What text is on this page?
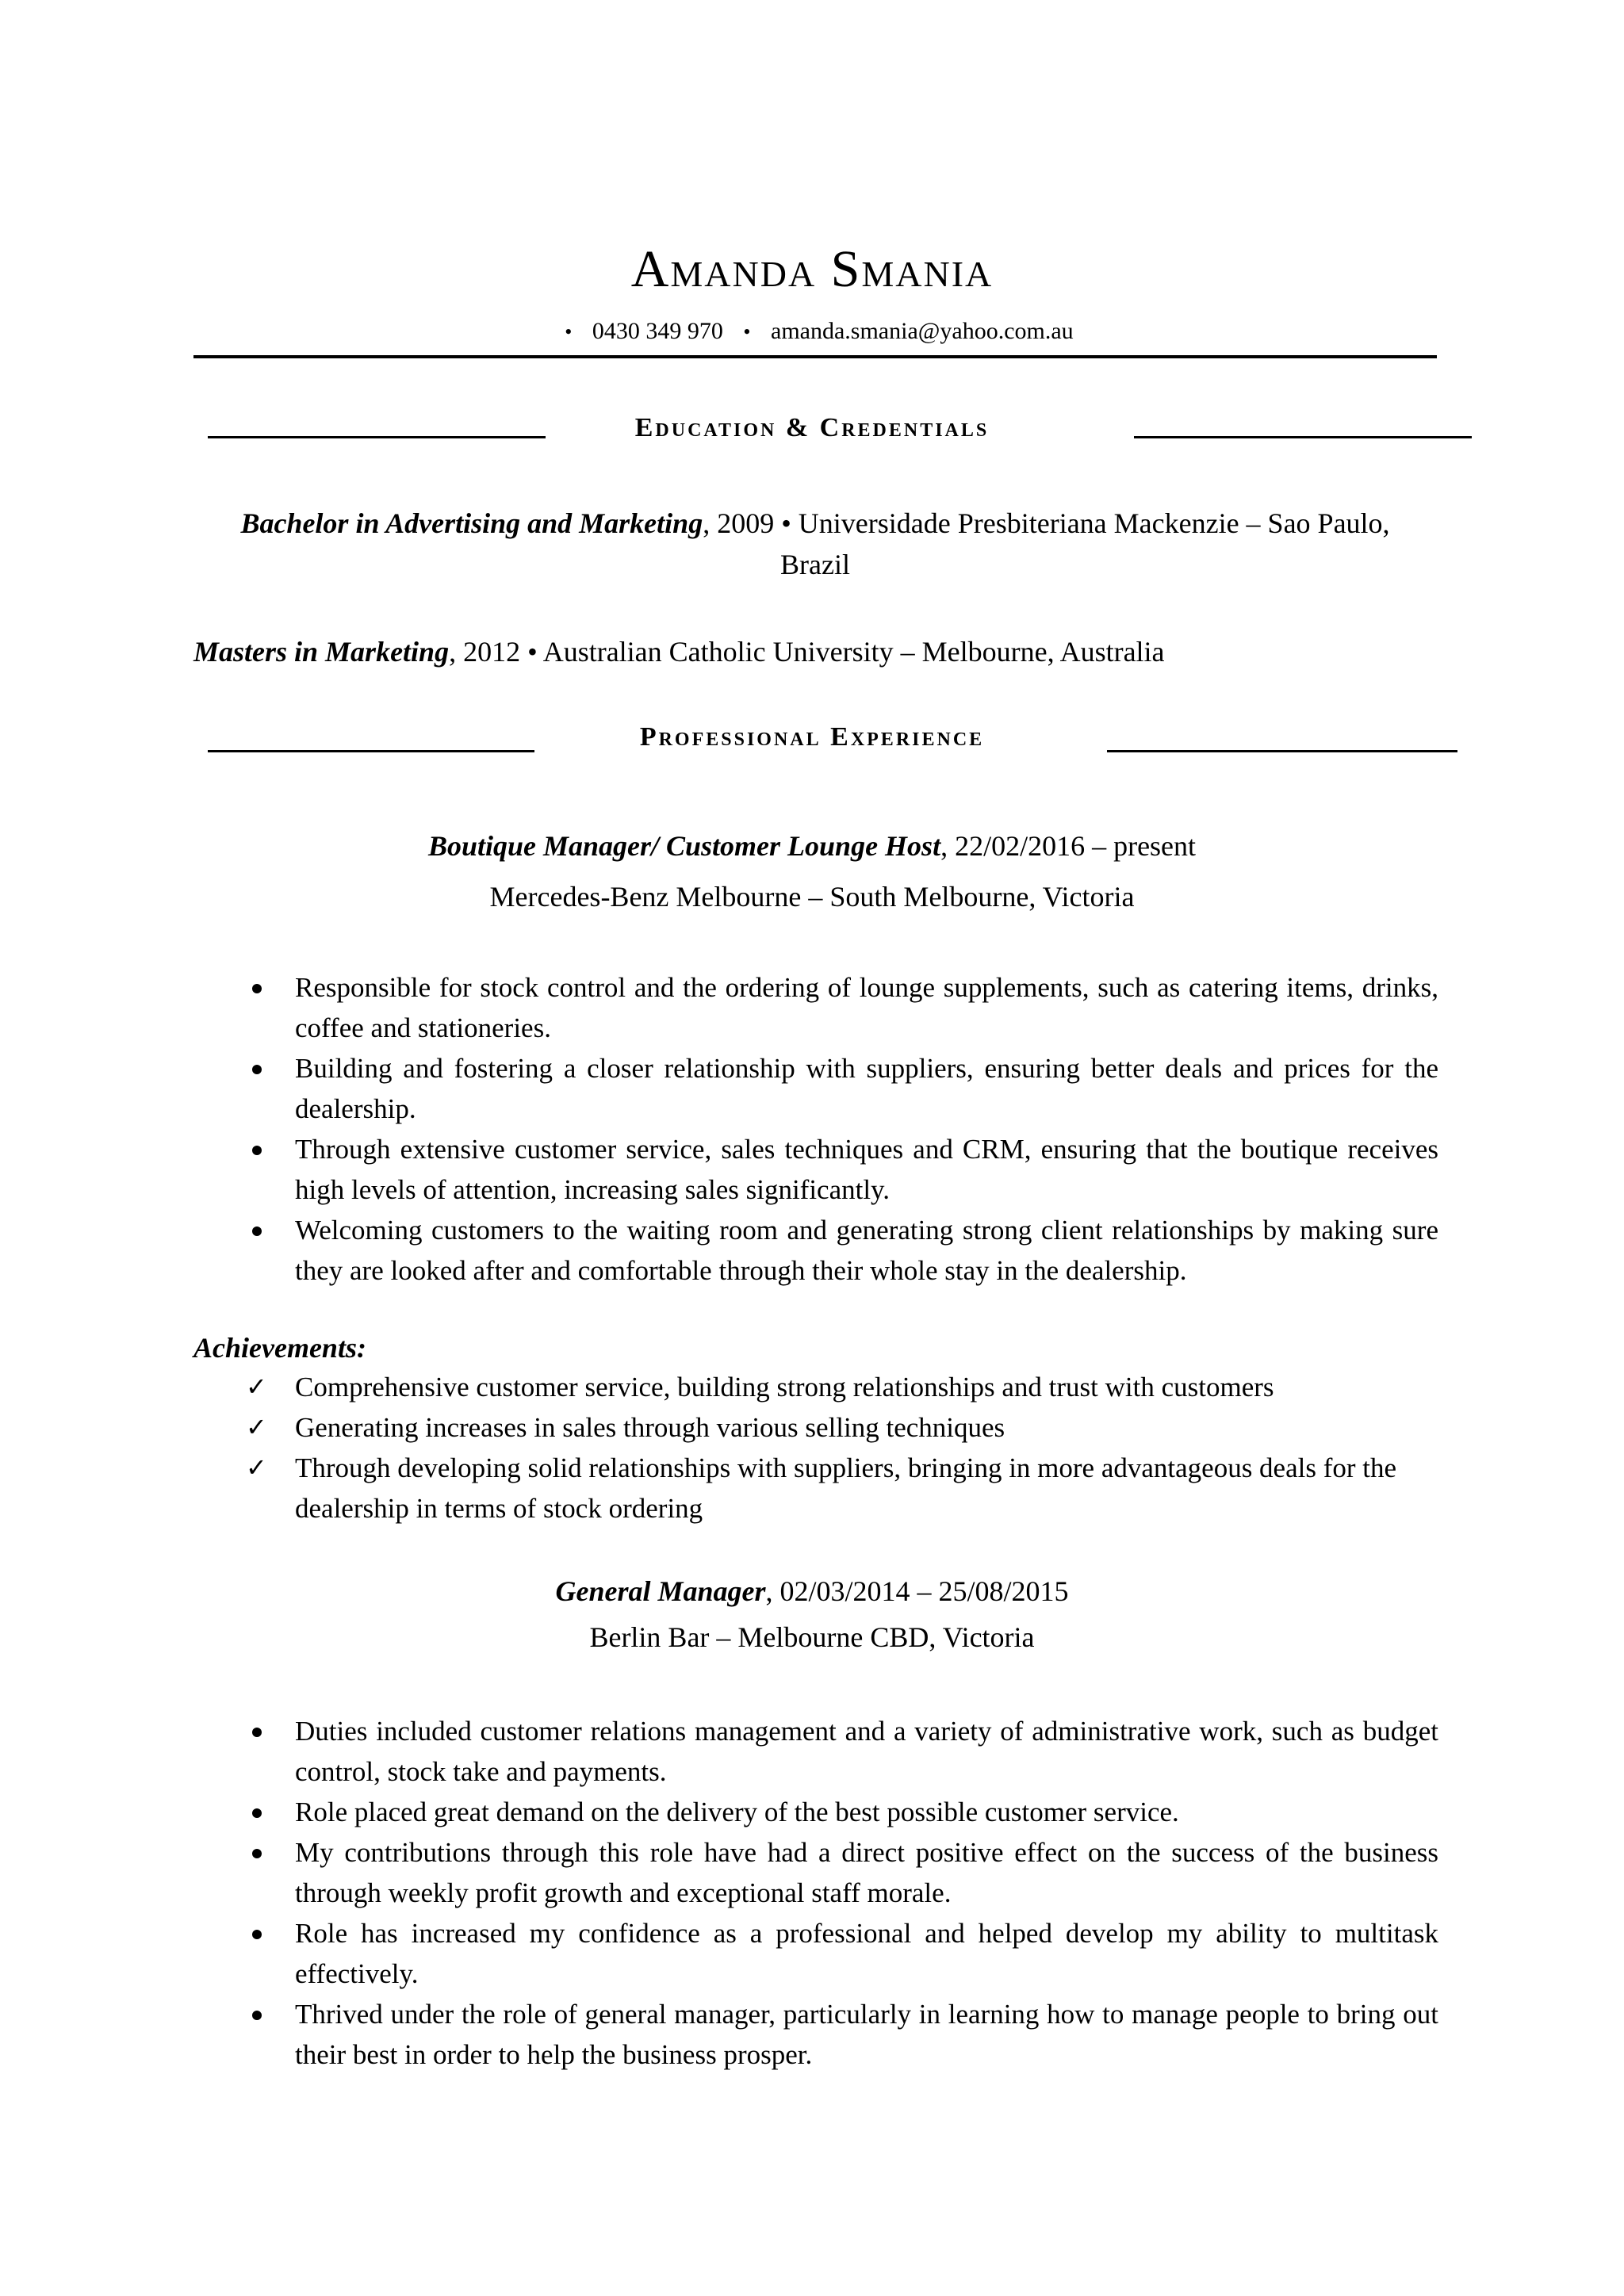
Amanda Smania
• 0430 349 970 • amanda.smania@yahoo.com.au
Education & Credentials
Bachelor in Advertising and Marketing, 2009 • Universidade Presbiteriana Mackenzie – Sao Paulo,
Brazil
Masters in Marketing, 2012 • Australian Catholic University – Melbourne, Australia
Professional Experience
Boutique Manager/ Customer Lounge Host, 22/02/2016 – present
Mercedes-Benz Melbourne – South Melbourne, Victoria
Responsible for stock control and the ordering of lounge supplements, such as catering items, drinks, coffee and stationeries.
Building and fostering a closer relationship with suppliers, ensuring better deals and prices for the dealership.
Through extensive customer service, sales techniques and CRM, ensuring that the boutique receives high levels of attention, increasing sales significantly.
Welcoming customers to the waiting room and generating strong client relationships by making sure they are looked after and comfortable through their whole stay in the dealership.
Achievements:
✓ Comprehensive customer service, building strong relationships and trust with customers
✓ Generating increases in sales through various selling techniques
✓ Through developing solid relationships with suppliers, bringing in more advantageous deals for the dealership in terms of stock ordering
General Manager, 02/03/2014 – 25/08/2015
Berlin Bar – Melbourne CBD, Victoria
Duties included customer relations management and a variety of administrative work, such as budget control, stock take and payments.
Role placed great demand on the delivery of the best possible customer service.
My contributions through this role have had a direct positive effect on the success of the business through weekly profit growth and exceptional staff morale.
Role has increased my confidence as a professional and helped develop my ability to multitask effectively.
Thrived under the role of general manager, particularly in learning how to manage people to bring out their best in order to help the business prosper.
